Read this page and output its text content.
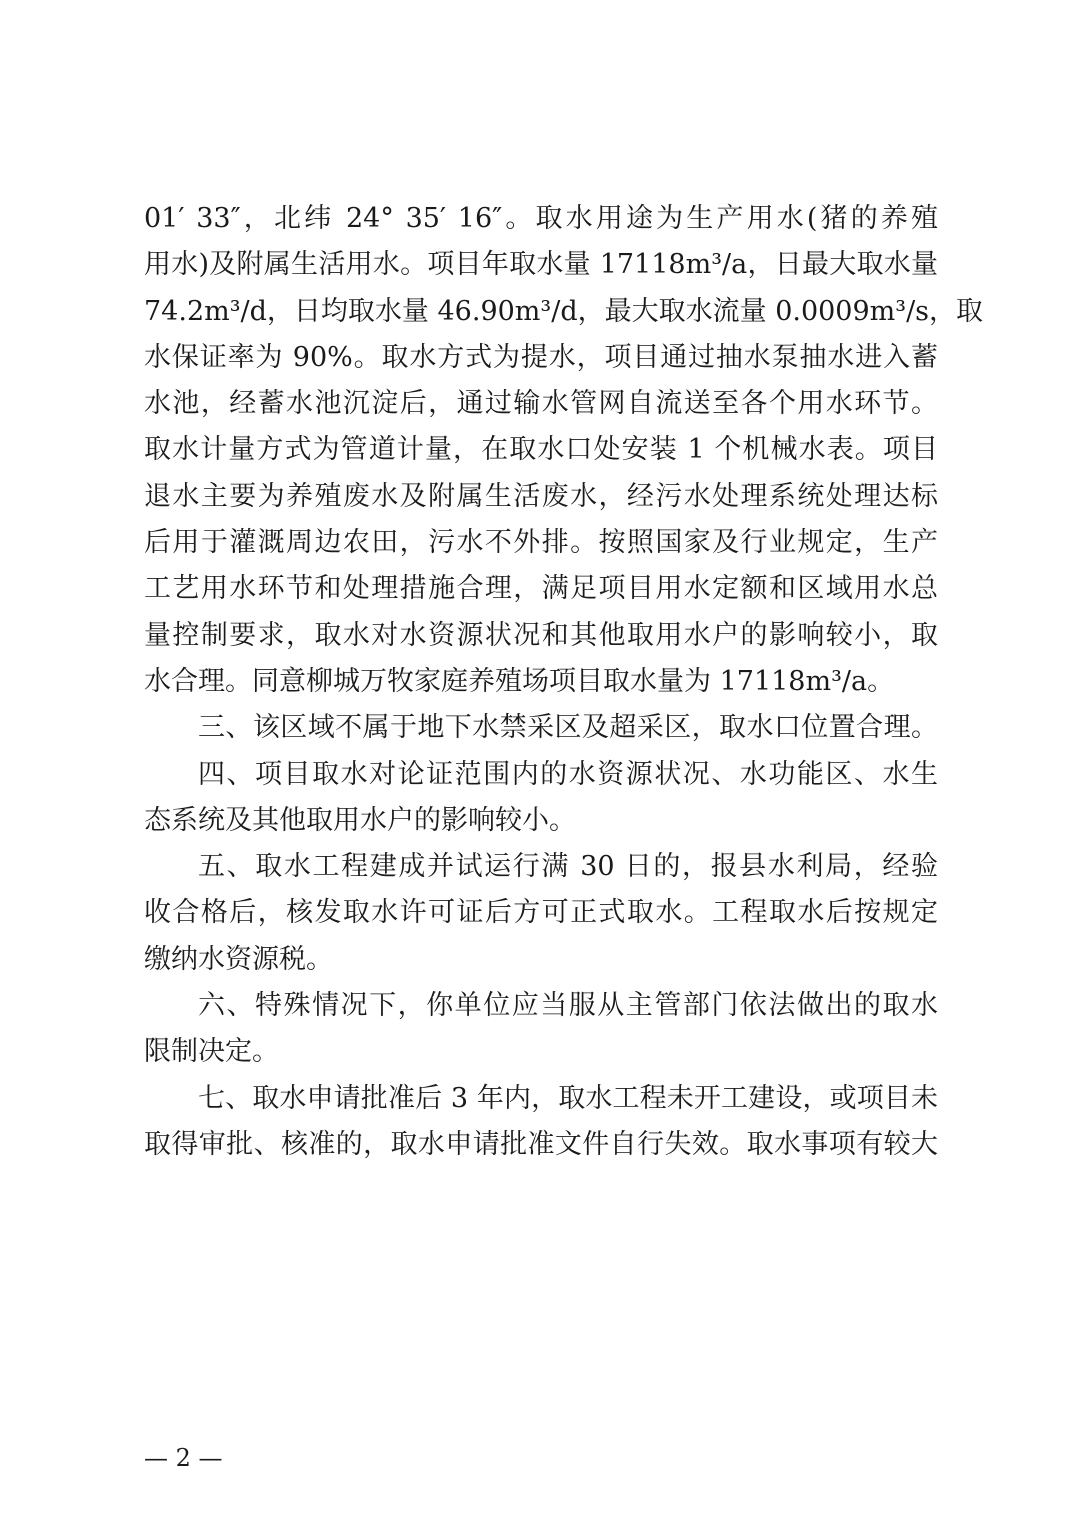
01′ 33″，北纬 24° 35′ 16″。取水用途为生产用水(猪的养殖
用水)及附属生活用水。项目年取水量 17118m³/a，日最大取水量
74.2m³/d，日均取水量 46.90m³/d，最大取水流量 0.0009m³/s，取
水保证率为 90%。取水方式为提水，项目通过抽水泵抽水进入蓄
水池，经蓄水池沉淀后，通过输水管网自流送至各个用水环节。
取水计量方式为管道计量，在取水口处安装 1 个机械水表。项目
退水主要为养殖废水及附属生活废水，经污水处理系统处理达标
后用于灌溉周边农田，污水不外排。按照国家及行业规定，生产
工艺用水环节和处理措施合理，满足项目用水定额和区域用水总
量控制要求，取水对水资源状况和其他取用水户的影响较小，取
水合理。同意柳城万牧家庭养殖场项目取水量为 17118m³/a。
三、该区域不属于地下水禁采区及超采区，取水口位置合理。
四、项目取水对论证范围内的水资源状况、水功能区、水生
态系统及其他取用水户的影响较小。
五、取水工程建成并试运行满 30 日的，报县水利局，经验
收合格后，核发取水许可证后方可正式取水。工程取水后按规定
缴纳水资源税。
六、特殊情况下，你单位应当服从主管部门依法做出的取水
限制决定。
七、取水申请批准后 3 年内，取水工程未开工建设，或项目未
取得审批、核准的，取水申请批准文件自行失效。取水事项有较大
— 2 —
